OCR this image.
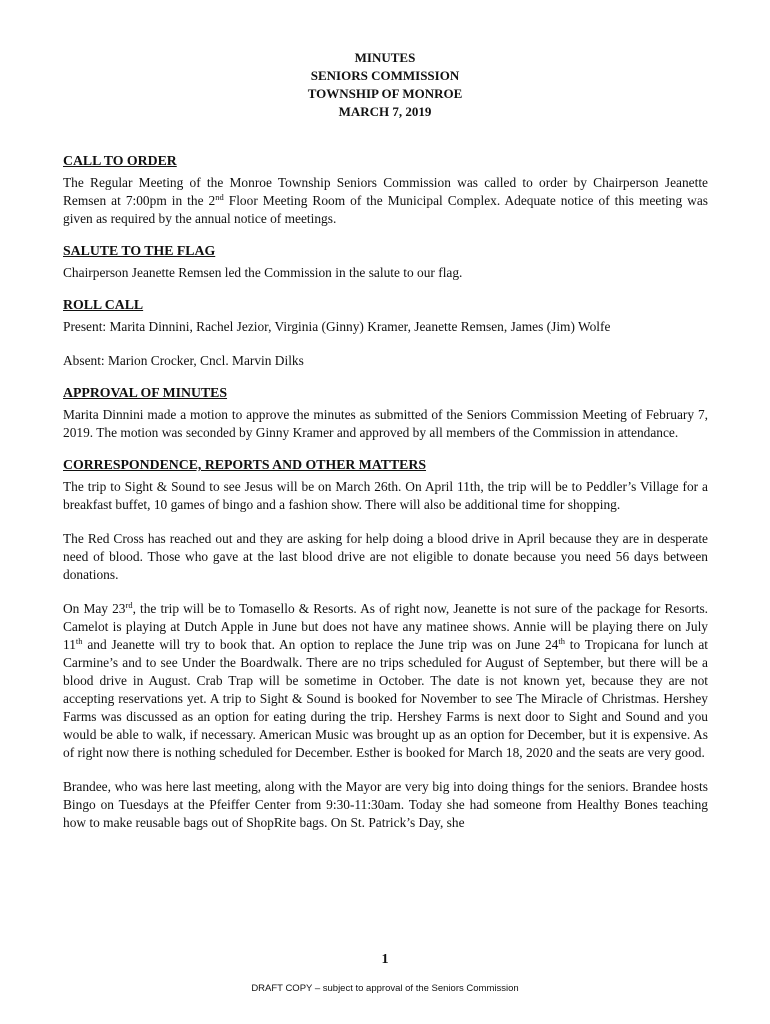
MINUTES
SENIORS COMMISSION
TOWNSHIP OF MONROE
MARCH 7, 2019
CALL TO ORDER

The Regular Meeting of the Monroe Township Seniors Commission was called to order by Chairperson Jeanette Remsen at 7:00pm in the 2nd Floor Meeting Room of the Municipal Complex. Adequate notice of this meeting was given as required by the annual notice of meetings.

SALUTE TO THE FLAG

Chairperson Jeanette Remsen led the Commission in the salute to our flag.

ROLL CALL

Present: Marita Dinnini, Rachel Jezior, Virginia (Ginny) Kramer, Jeanette Remsen, James (Jim) Wolfe

Absent: Marion Crocker, Cncl. Marvin Dilks

APPROVAL OF MINUTES

Marita Dinnini made a motion to approve the minutes as submitted of the Seniors Commission Meeting of February 7, 2019. The motion was seconded by Ginny Kramer and approved by all members of the Commission in attendance.

CORRESPONDENCE, REPORTS AND OTHER MATTERS

The trip to Sight & Sound to see Jesus will be on March 26th. On April 11th, the trip will be to Peddler’s Village for a breakfast buffet, 10 games of bingo and a fashion show. There will also be additional time for shopping.

The Red Cross has reached out and they are asking for help doing a blood drive in April because they are in desperate need of blood. Those who gave at the last blood drive are not eligible to donate because you need 56 days between donations.

On May 23rd, the trip will be to Tomasello & Resorts. As of right now, Jeanette is not sure of the package for Resorts. Camelot is playing at Dutch Apple in June but does not have any matinee shows. Annie will be playing there on July 11th and Jeanette will try to book that. An option to replace the June trip was on June 24th to Tropicana for lunch at Carmine’s and to see Under the Boardwalk. There are no trips scheduled for August of September, but there will be a blood drive in August. Crab Trap will be sometime in October. The date is not known yet, because they are not accepting reservations yet. A trip to Sight & Sound is booked for November to see The Miracle of Christmas. Hershey Farms was discussed as an option for eating during the trip. Hershey Farms is next door to Sight and Sound and you would be able to walk, if necessary. American Music was brought up as an option for December, but it is expensive. As of right now there is nothing scheduled for December. Esther is booked for March 18, 2020 and the seats are very good.

Brandee, who was here last meeting, along with the Mayor are very big into doing things for the seniors. Brandee hosts Bingo on Tuesdays at the Pfeiffer Center from 9:30-11:30am. Today she had someone from Healthy Bones teaching how to make reusable bags out of ShopRite bags. On St. Patrick’s Day, she

1
DRAFT COPY – subject to approval of the Seniors Commission
